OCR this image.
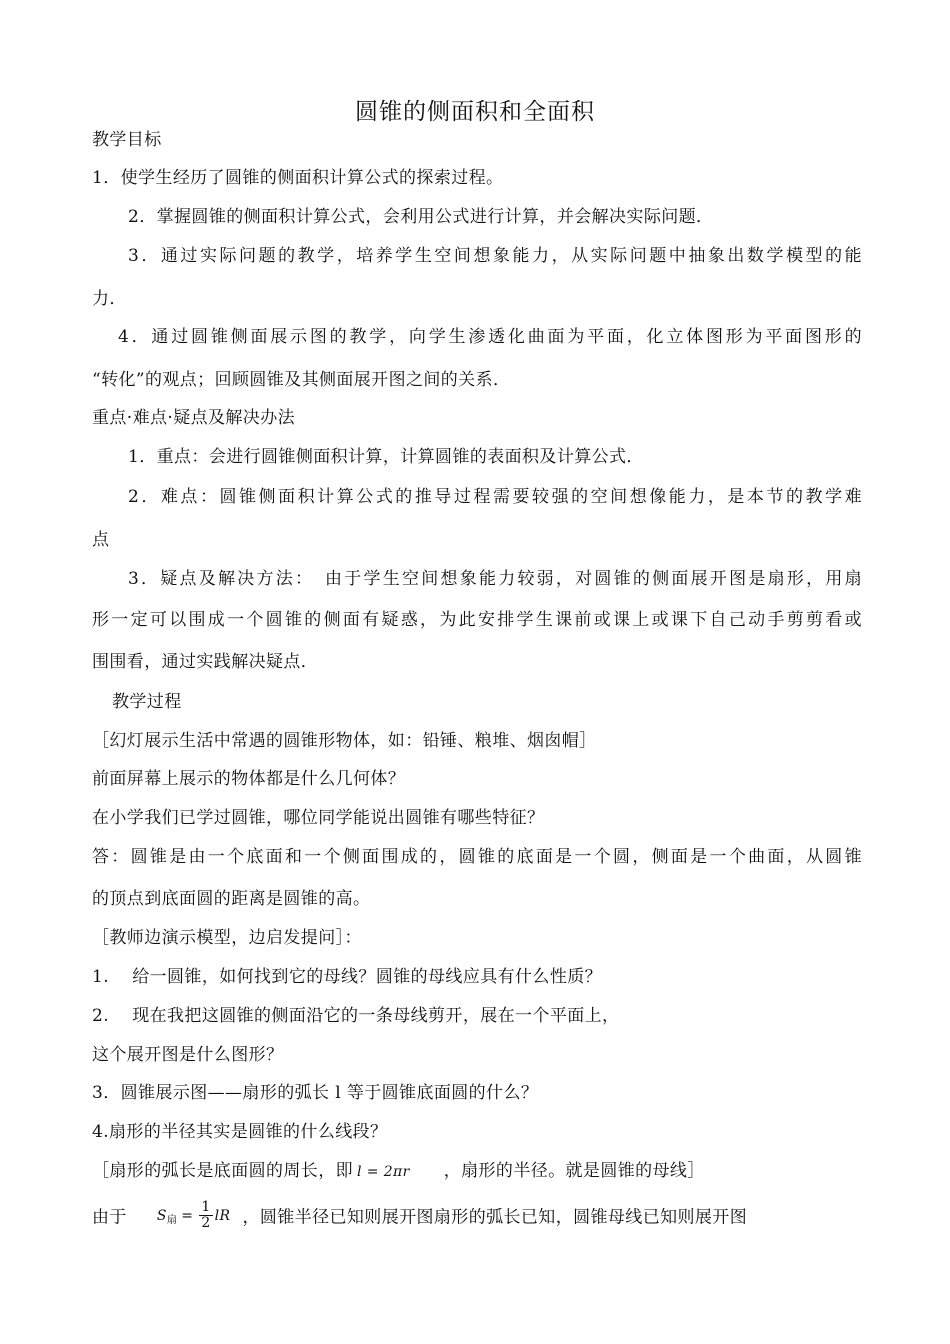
圆锥的侧面积和全面积
教学目标
1．使学生经历了圆锥的侧面积计算公式的探索过程。
2．掌握圆锥的侧面积计算公式，会利用公式进行计算，并会解决实际问题．
3．通过实际问题的教学，培养学生空间想象能力，从实际问题中抽象出数学模型的能
力．
4．通过圆锥侧面展示图的教学，向学生渗透化曲面为平面，化立体图形为平面图形的
“转化”的观点；回顾圆锥及其侧面展开图之间的关系．
重点·难点·疑点及解决办法
1．重点：会进行圆锥侧面积计算，计算圆锥的表面积及计算公式．
2．难点：圆锥侧面积计算公式的推导过程需要较强的空间想像能力，是本节的教学难
点
3．疑点及解决方法：　由于学生空间想象能力较弱，对圆锥的侧面展开图是扇形，用扇
形一定可以围成一个圆锥的侧面有疑惑，为此安排学生课前或课上或课下自己动手剪剪看或
围围看，通过实践解决疑点．
教学过程
［幻灯展示生活中常遇的圆锥形物体，如：铅锤、粮堆、烟囱帽］
前面屏幕上展示的物体都是什么几何体？
在小学我们已学过圆锥，哪位同学能说出圆锥有哪些特征？
答：圆锥是由一个底面和一个侧面围成的，圆锥的底面是一个圆，侧面是一个曲面，从圆锥
的顶点到底面圆的距离是圆锥的高。
［教师边演示模型，边启发提问］：
1.　 给一圆锥，如何找到它的母线？圆锥的母线应具有什么性质？
2.　 现在我把这圆锥的侧面沿它的一条母线剪开，展在一个平面上，
这个展开图是什么图形？
3．圆锥展示图——扇形的弧长 l 等于圆锥底面圆的什么？
4.扇形的半径其实是圆锥的什么线段？
［扇形的弧长是底面圆的周长，即 l = 2πr ，扇形的半径。就是圆锥的母线］
由于 $S_扇 = \frac{1}{2}$ lR ，圆锥半径已知则展开图扇形的弧长已知，圆锥母线已知则展开图
